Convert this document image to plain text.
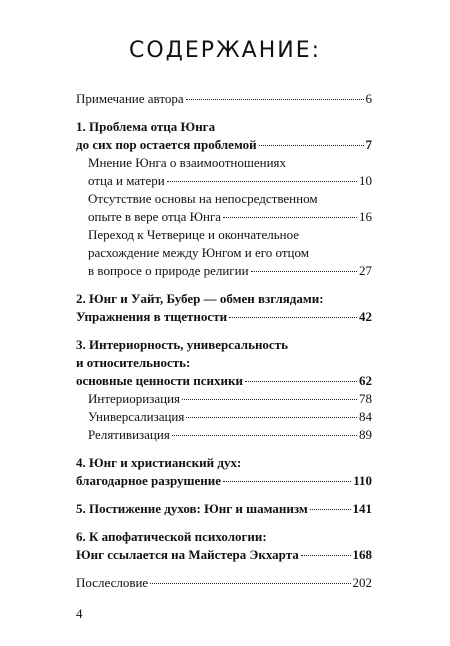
СОДЕРЖАНИЕ:
Примечание автора	6
1. Проблема отца Юнга
до сих пор остается проблемой	7
Мнение Юнга о взаимоотношениях
отца и матери	10
Отсутствие основы на непосредственном
опыте в вере отца Юнга	16
Переход к Четверице и окончательное
расхождение между Юнгом и его отцом
в вопросе о природе религии	27
2. Юнг и Уайт, Бубер — обмен взглядами:
Упражнения в тщетности	42
3. Интериорность, универсальность
и относительность:
основные ценности психики	62
Интериоризация	78
Универсализация	84
Релятивизация	89
4. Юнг и христианский дух:
благодарное разрушение	110
5. Постижение духов: Юнг и шаманизм	141
6. К апофатической психологии:
Юнг ссылается на Майстера Экхарта	168
Послесловие	202
4
